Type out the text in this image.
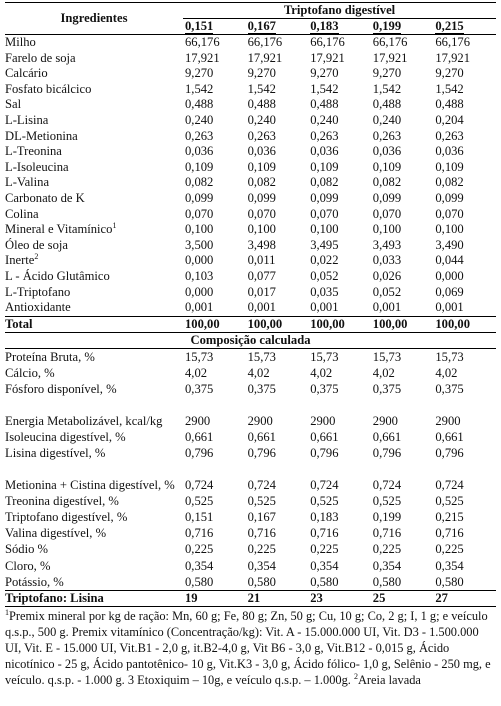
Ingredientes	Triptofano digestível				
	0,151	0,167	0,183	0,199	0,215
Milho	66,176	66,176	66,176	66,176	66,176
Farelo de soja	17,921	17,921	17,921	17,921	17,921
Calcário	9,270	9,270	9,270	9,270	9,270
Fosfato bicálcico	1,542	1,542	1,542	1,542	1,542
Sal	0,488	0,488	0,488	0,488	0,488
L-Lisina	0,240	0,240	0,240	0,240	0,204
DL-Metionina	0,263	0,263	0,263	0,263	0,263
L-Treonina	0,036	0,036	0,036	0,036	0,036
L-Isoleucina	0,109	0,109	0,109	0,109	0,109
L-Valina	0,082	0,082	0,082	0,082	0,082
Carbonato de K	0,099	0,099	0,099	0,099	0,099
Colina	0,070	0,070	0,070	0,070	0,070
Mineral e Vitamínico$^1$	0,100	0,100	0,100	0,100	0,100
Óleo de soja	3,500	3,498	3,495	3,493	3,490
Inerte$^2$	0,000	0,011	0,022	0,033	0,044
L - Ácido Glutâmico	0,103	0,077	0,052	0,026	0,000
L-Triptofano	0,000	0,017	0,035	0,052	0,069
Antioxidante	0,001	0,001	0,001	0,001	0,001
Total	100,00	100,00	100,00	100,00	100,00
Composição calculada					
Proteína Bruta, %	15,73	15,73	15,73	15,73	15,73
Cálcio, %	4,02	4,02	4,02	4,02	4,02
Fósforo disponível, %	0,375	0,375	0,375	0,375	0,375
Energia Metabolizável, kcal/kg	2900	2900	2900	2900	2900
Isoleucina digestível, %	0,661	0,661	0,661	0,661	0,661
Lisina digestível, %	0,796	0,796	0,796	0,796	0,796
Metionina + Cistina digestível, %	0,724	0,724	0,724	0,724	0,724
Treonina digestível, %	0,525	0,525	0,525	0,525	0,525
Triptofano digestível, %	0,151	0,167	0,183	0,199	0,215
Valina digestível, %	0,716	0,716	0,716	0,716	0,716
Sódio %	0,225	0,225	0,225	0,225	0,225
Cloro, %	0,354	0,354	0,354	0,354	0,354
Potássio, %	0,580	0,580	0,580	0,580	0,580
Triptofano: Lisina	19	21	23	25	27
$^1$Premix mineral por kg de ração: Mn, 60 g; Fe, 80 g; Zn, 50 g; Cu, 10 g; Co, 2 g; I, 1 g; e veículo q.s.p., 500 g. Premix vitamínico (Concentração/kg): Vit. A - 15.000.000 UI, Vit. D3 - 1.500.000 UI, Vit. E - 15.000 UI, Vit.B1 - 2,0 g, it.B2-4,0 g, Vit B6 - 3,0 g, Vit.B12 - 0,015 g, Ácido nicotínico - 25 g, Ácido pantotênico- 10 g, Vit.K3 - 3,0 g, Ácido fólico- 1,0 g, Selênio - 250 mg, e veículo. q.s.p. - 1.000 g. 3 Etoxiquim – 10g, e veículo q.s.p. – 1.000g. $^2$Areia lavada
